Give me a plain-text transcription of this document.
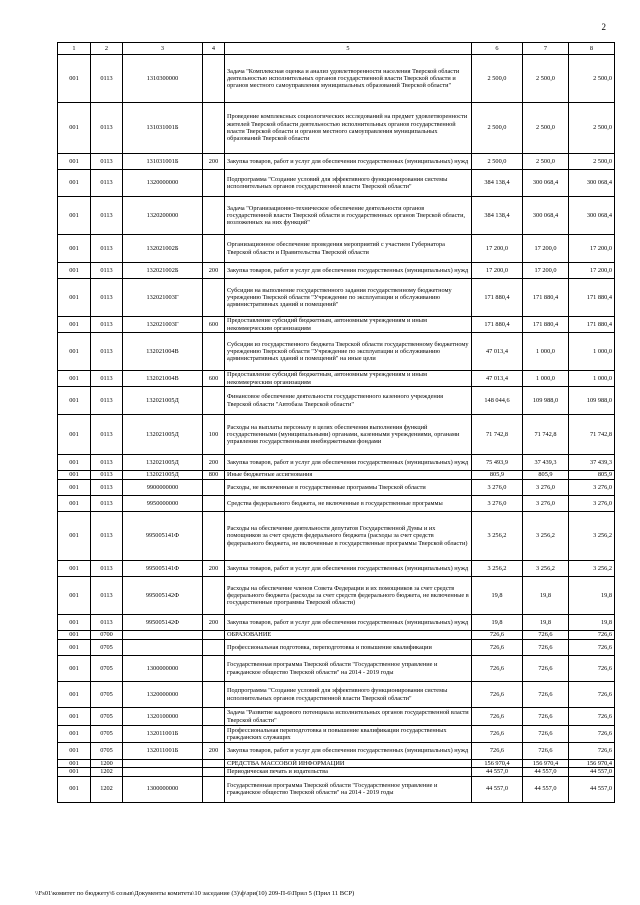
2
1	2	3	4	5	6	7	8
001	0113	1310300000		Задача "Комплексная оценка и анализ удовлетворенности населения Тверской области деятельностью исполнительных органов государственной власти Тверской области и органов местного самоуправления муниципальных образований Тверской области"	2 500,0	2 500,0	2 500,0
001	0113	131031001Б		Проведение комплексных социологических исследований на предмет удовлетворенности жителей Тверской области деятельностью исполнительных органов государственной власти Тверской области и органов местного самоуправления муниципальных образований Тверской области	2 500,0	2 500,0	2 500,0
001	0113	131031001Б	200	Закупка товаров, работ и услуг для обеспечения государственных (муниципальных) нужд	2 500,0	2 500,0	2 500,0
001	0113	1320000000		Подпрограмма "Создание условий для эффективного функционирования системы исполнительных органов государственной власти Тверской области"	384 138,4	300 068,4	300 068,4
001	0113	1320200000		Задача "Организационно-техническое обеспечение деятельности органов государственной власти Тверской области и государственных органов Тверской области, возложенных на них функций"	384 138,4	300 068,4	300 068,4
001	0113	132021002Б		Организационное обеспечение проведения мероприятий с участием Губернатора Тверской области и Правительства Тверской области	17 200,0	17 200,0	17 200,0
001	0113	132021002Б	200	Закупка товаров, работ и услуг для обеспечения государственных (муниципальных) нужд	17 200,0	17 200,0	17 200,0
001	0113	132021003Г		Субсидия на выполнение государственного задания государственному бюджетному учреждению Тверской области "Учреждение по эксплуатации и обслуживанию административных зданий и помещений"	171 880,4	171 880,4	171 880,4
001	0113	132021003Г	600	Предоставление субсидий бюджетным, автономным учреждениям и иным некоммерческим организациям	171 880,4	171 880,4	171 880,4
001	0113	132021004В		Субсидия из государственного бюджета Тверской области государственному бюджетному учреждению Тверской области "Учреждение по эксплуатации и обслуживанию административных зданий и помещений" на иные цели	47 013,4	1 000,0	1 000,0
001	0113	132021004В	600	Предоставление субсидий бюджетным, автономным учреждениям и иным некоммерческим организациям	47 013,4	1 000,0	1 000,0
001	0113	132021005Д		Финансовое обеспечение деятельности государственного казенного учреждения Тверской области "Автобаза Тверской области"	148 044,6	109 988,0	109 988,0
001	0113	132021005Д	100	Расходы на выплаты персоналу в целях обеспечения выполнения функций государственными (муниципальными) органами, казенными учреждениями, органами управления государственными внебюджетными фондами	71 742,8	71 742,8	71 742,8
001	0113	132021005Д	200	Закупка товаров, работ и услуг для обеспечения государственных (муниципальных) нужд	75 493,9	37 439,3	37 439,3
001	0113	132021005Д	800	Иные бюджетные ассигнования	805,9	805,9	805,9
001	0113	9900000000		Расходы, не включенные в государственные программы Тверской области	3 276,0	3 276,0	3 276,0
001	0113	9950000000		Средства федерального бюджета, не включенные в государственные программы	3 276,0	3 276,0	3 276,0
001	0113	995005141Ф		Расходы на обеспечение деятельности депутатов Государственной Думы и их помощников за счет средств федерального бюджета (расходы за счет средств федерального бюджета, не включенные в государственные программы Тверской области)	3 256,2	3 256,2	3 256,2
001	0113	995005141Ф	200	Закупка товаров, работ и услуг для обеспечения государственных (муниципальных) нужд	3 256,2	3 256,2	3 256,2
001	0113	995005142Ф		Расходы на обеспечение членов Совета Федерации и их помощников за счет средств федерального бюджета (расходы за счет средств федерального бюджета, не включенные в государственные программы Тверской области)	19,8	19,8	19,8
001	0113	995005142Ф	200	Закупка товаров, работ и услуг для обеспечения государственных (муниципальных) нужд	19,8	19,8	19,8
001	0700			ОБРАЗОВАНИЕ	726,6	726,6	726,6
001	0705			Профессиональная подготовка, переподготовка и повышение квалификации	726,6	726,6	726,6
001	0705	1300000000		Государственная программа Тверской области "Государственное управление и гражданское общество Тверской области" на 2014 - 2019 годы	726,6	726,6	726,6
001	0705	1320000000		Подпрограмма "Создание условий для эффективного функционирования системы исполнительных органов государственной власти Тверской области"	726,6	726,6	726,6
001	0705	1320100000		Задача "Развитие кадрового потенциала исполнительных органов государственной власти Тверской области"	726,6	726,6	726,6
001	0705	132011001Б		Профессиональная переподготовка и повышение квалификации государственных гражданских служащих	726,6	726,6	726,6
001	0705	132011001Б	200	Закупка товаров, работ и услуг для обеспечения государственных (муниципальных) нужд	726,6	726,6	726,6
001	1200			СРЕДСТВА МАССОВОЙ ИНФОРМАЦИИ	156 970,4	156 970,4	156 970,4
001	1202			Периодическая печать и издательства	44 557,0	44 557,0	44 557,0
001	1202	1300000000		Государственная программа Тверской области "Государственное управление и гражданское общество Тверской области" на 2014 - 2019 годы	44 557,0	44 557,0	44 557,0
\\Fs01\комитет по бюджету\6 созыв\Документы комитета\10 заседание (3)\ф\зри(10) 209-П-6\Прил 5 (Прил 11 ВСР)
